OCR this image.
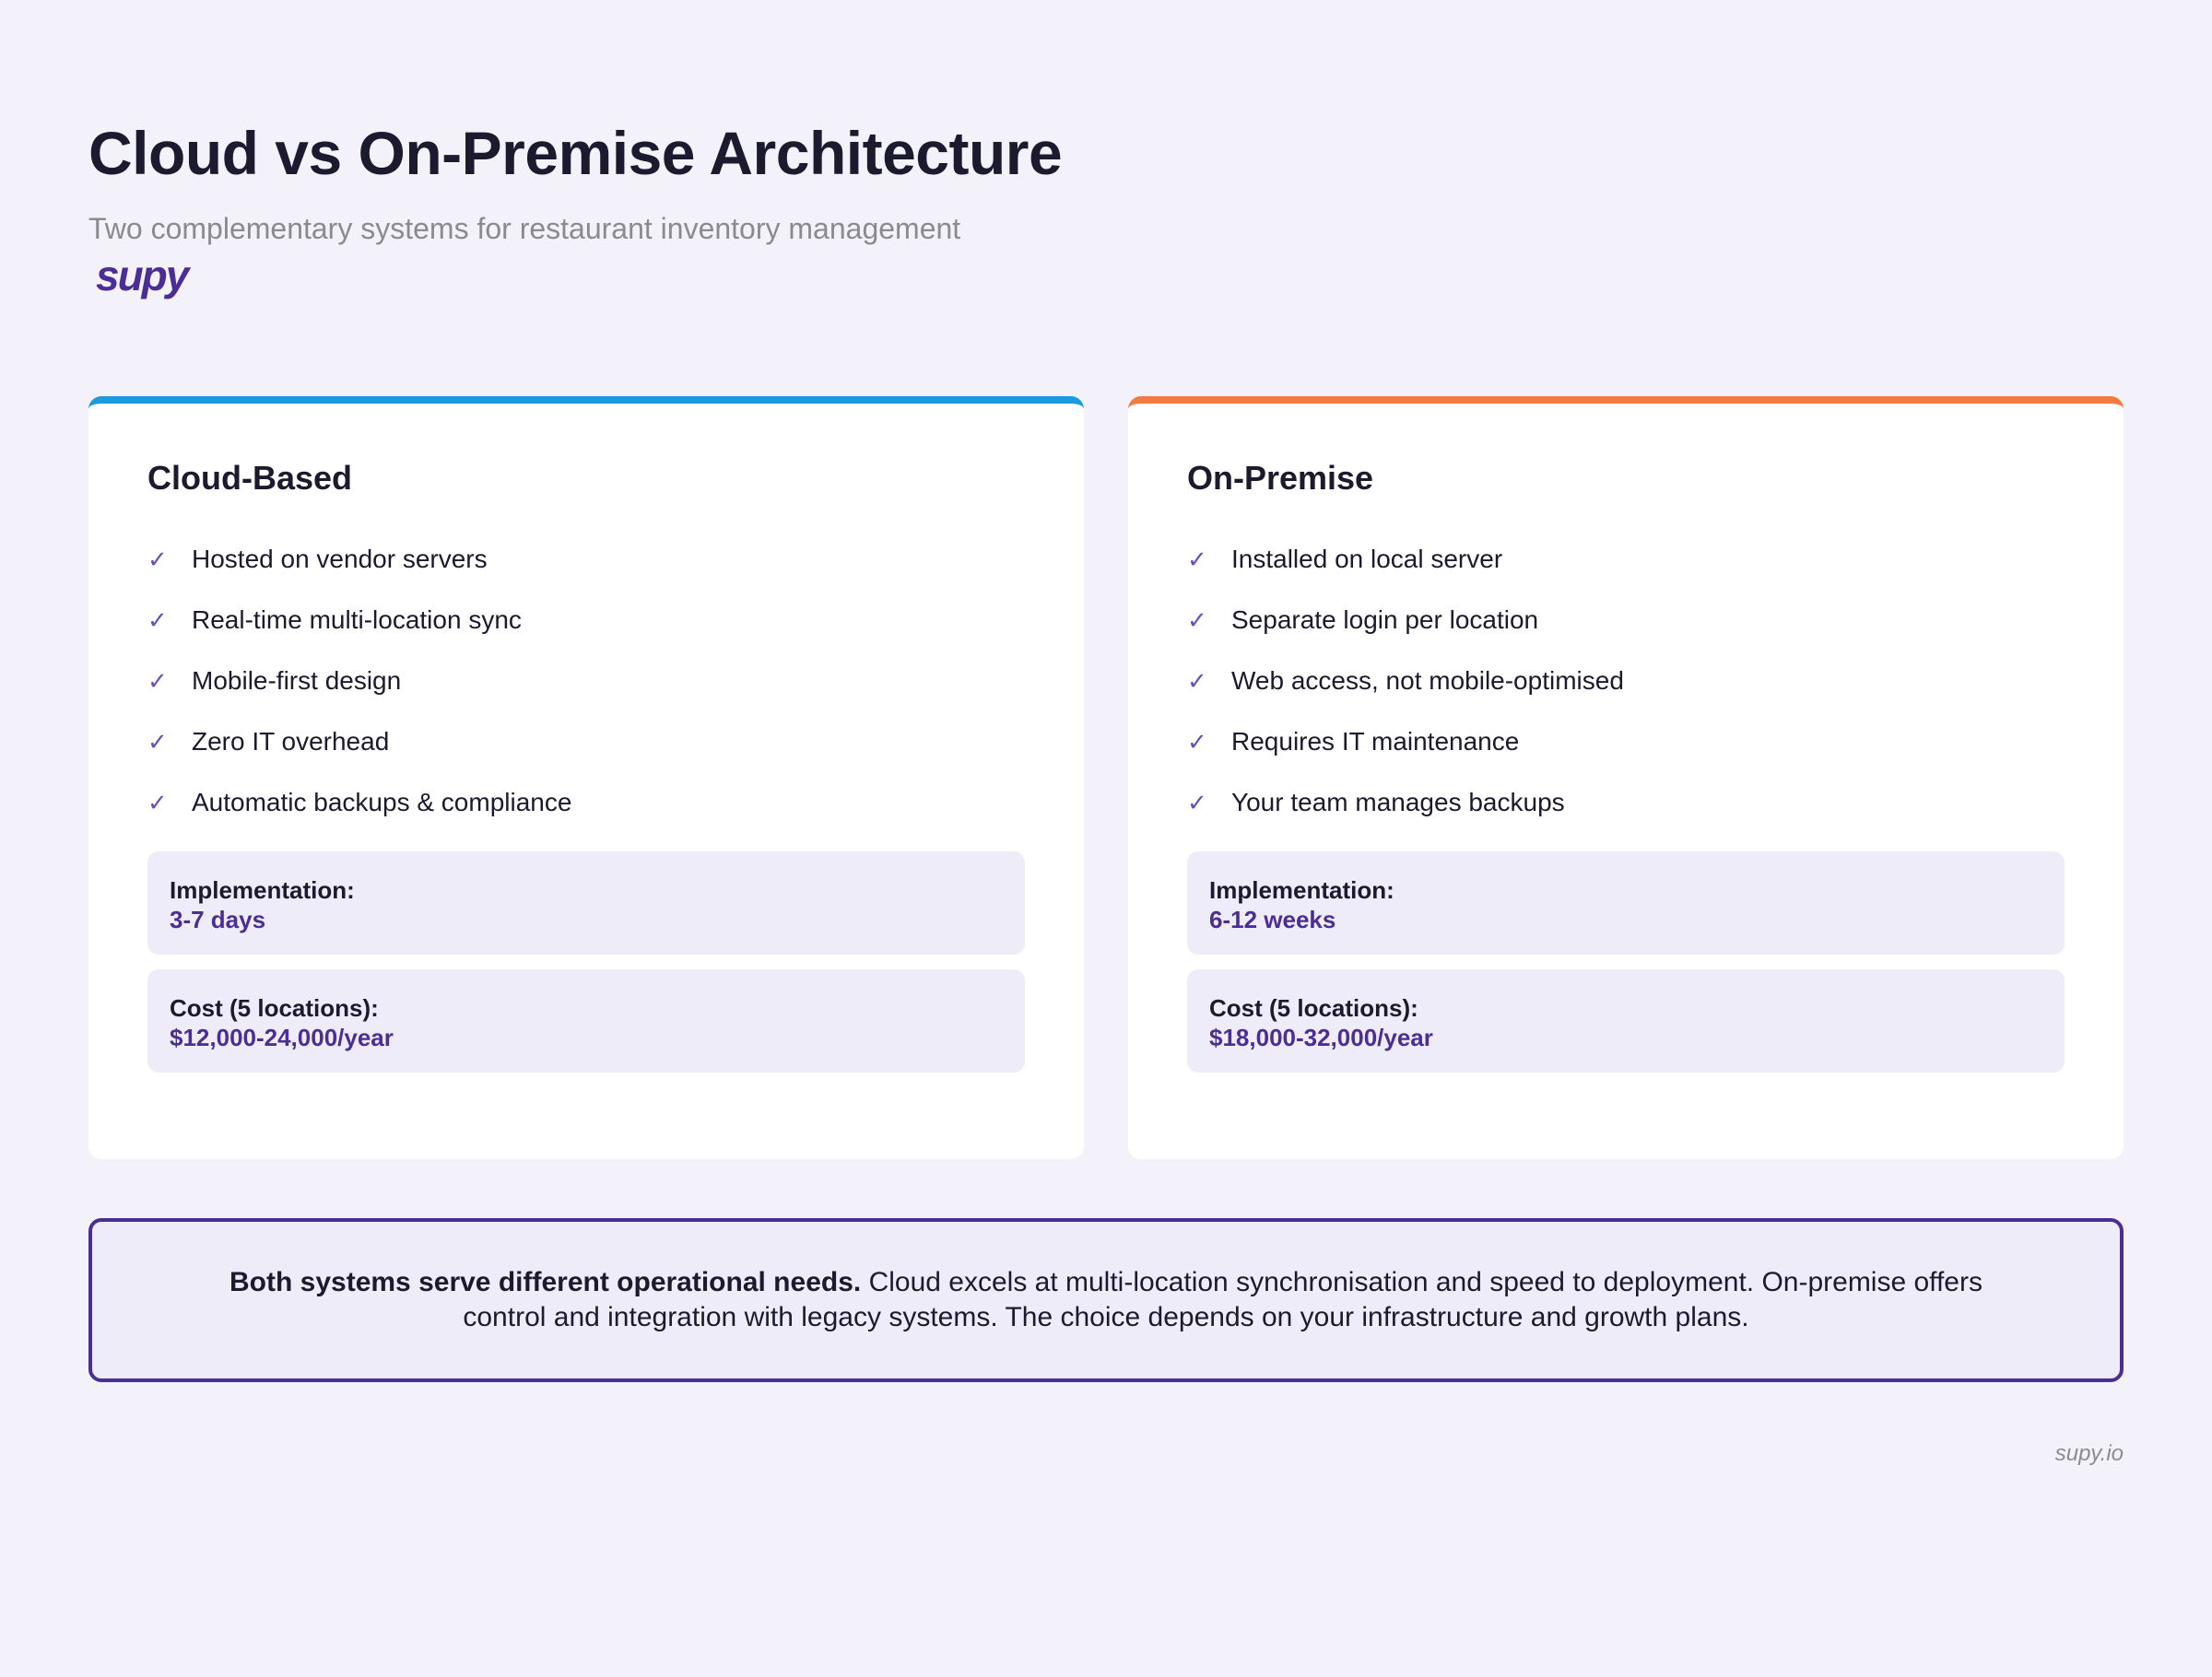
Cloud vs On-Premise Architecture

Two complementary systems for restaurant inventory management

supy
Cloud-Based
✓ Hosted on vendor servers
✓ Real-time multi-location sync
✓ Mobile-first design
✓ Zero IT overhead
✓ Automatic backups & compliance
Implementation:
3-7 days
Cost (5 locations):
$12,000-24,000/year
On-Premise
✓ Installed on local server
✓ Separate login per location
✓ Web access, not mobile-optimised
✓ Requires IT maintenance
✓ Your team manages backups
Implementation:
6-12 weeks
Cost (5 locations):
$18,000-32,000/year
Both systems serve different operational needs. Cloud excels at multi-location synchronisation and speed to deployment. On-premise offers control and integration with legacy systems. The choice depends on your infrastructure and growth plans.
supy.io
